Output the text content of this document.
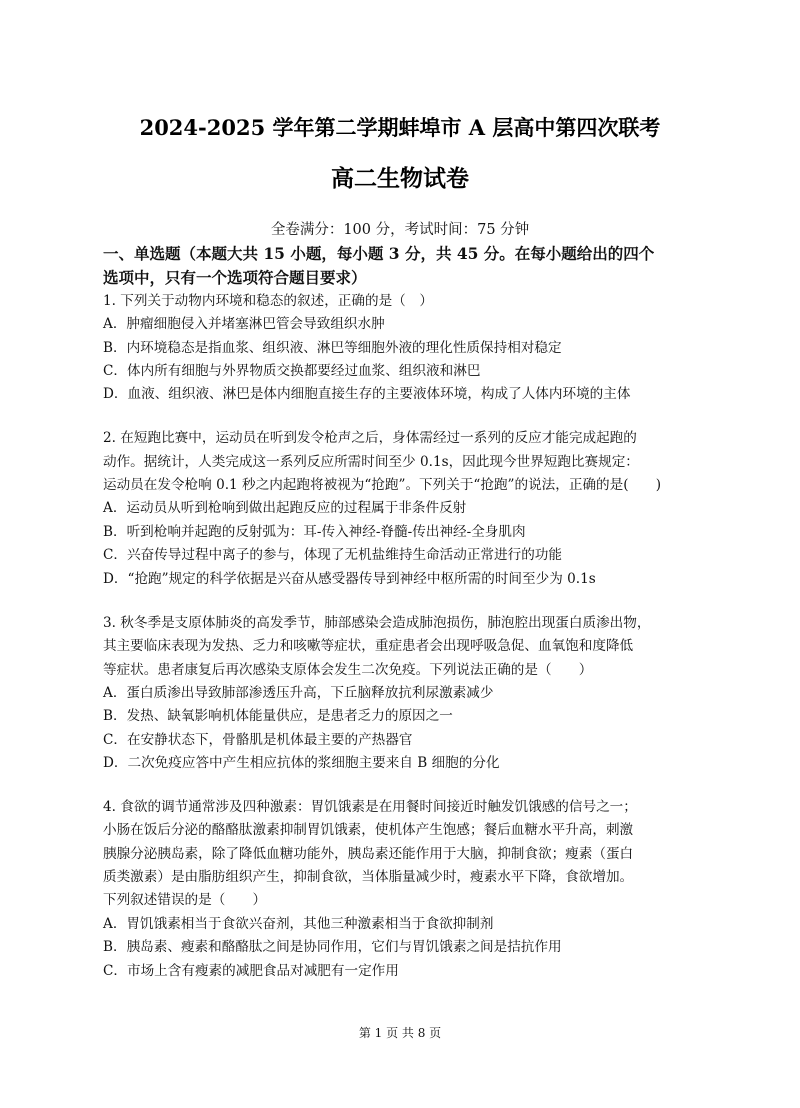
2024-2025 学年第二学期蚌埠市 A 层高中第四次联考
高二生物试卷
全卷满分：100 分，考试时间：75 分钟
一、单选题（本题大共 15 小题，每小题 3 分，共 45 分。在每小题给出的四个
选项中，只有一个选项符合题目要求）
1. 下列关于动物内环境和稳态的叙述，正确的是（　）
A．肿瘤细胞侵入并堵塞淋巴管会导致组织水肿
B．内环境稳态是指血浆、组织液、淋巴等细胞外液的理化性质保持相对稳定
C．体内所有细胞与外界物质交换都要经过血浆、组织液和淋巴
D．血液、组织液、淋巴是体内细胞直接生存的主要液体环境，构成了人体内环境的主体
2. 在短跑比赛中，运动员在听到发令枪声之后，身体需经过一系列的反应才能完成起跑的
动作。据统计，人类完成这一系列反应所需时间至少 0.1s，因此现今世界短跑比赛规定：
运动员在发令枪响 0.1 秒之内起跑将被视为“抢跑”。下列关于“抢跑”的说法，正确的是(　　)
A．运动员从听到枪响到做出起跑反应的过程属于非条件反射
B．听到枪响并起跑的反射弧为：耳-传入神经-脊髓-传出神经-全身肌肉
C．兴奋传导过程中离子的参与，体现了无机盐维持生命活动正常进行的功能
D．“抢跑”规定的科学依据是兴奋从感受器传导到神经中枢所需的时间至少为 0.1s
3. 秋冬季是支原体肺炎的高发季节，肺部感染会造成肺泡损伤，肺泡腔出现蛋白质渗出物，
其主要临床表现为发热、乏力和咳嗽等症状，重症患者会出现呼吸急促、血氧饱和度降低
等症状。患者康复后再次感染支原体会发生二次免疫。下列说法正确的是（　　）
A．蛋白质渗出导致肺部渗透压升高，下丘脑释放抗利尿激素减少
B．发热、缺氧影响机体能量供应，是患者乏力的原因之一
C．在安静状态下，骨骼肌是机体最主要的产热器官
D．二次免疫应答中产生相应抗体的浆细胞主要来自 B 细胞的分化
4. 食欲的调节通常涉及四种激素：胃饥饿素是在用餐时间接近时触发饥饿感的信号之一；
小肠在饭后分泌的酪酪肽激素抑制胃饥饿素，使机体产生饱感；餐后血糖水平升高，刺激
胰腺分泌胰岛素，除了降低血糖功能外，胰岛素还能作用于大脑，抑制食欲；瘦素（蛋白
质类激素）是由脂肪组织产生，抑制食欲，当体脂量减少时，瘦素水平下降，食欲增加。
下列叙述错误的是（　　）
A．胃饥饿素相当于食欲兴奋剂，其他三种激素相当于食欲抑制剂
B．胰岛素、瘦素和酪酪肽之间是协同作用，它们与胃饥饿素之间是拮抗作用
C．市场上含有瘦素的减肥食品对减肥有一定作用
第 1 页 共 8 页
